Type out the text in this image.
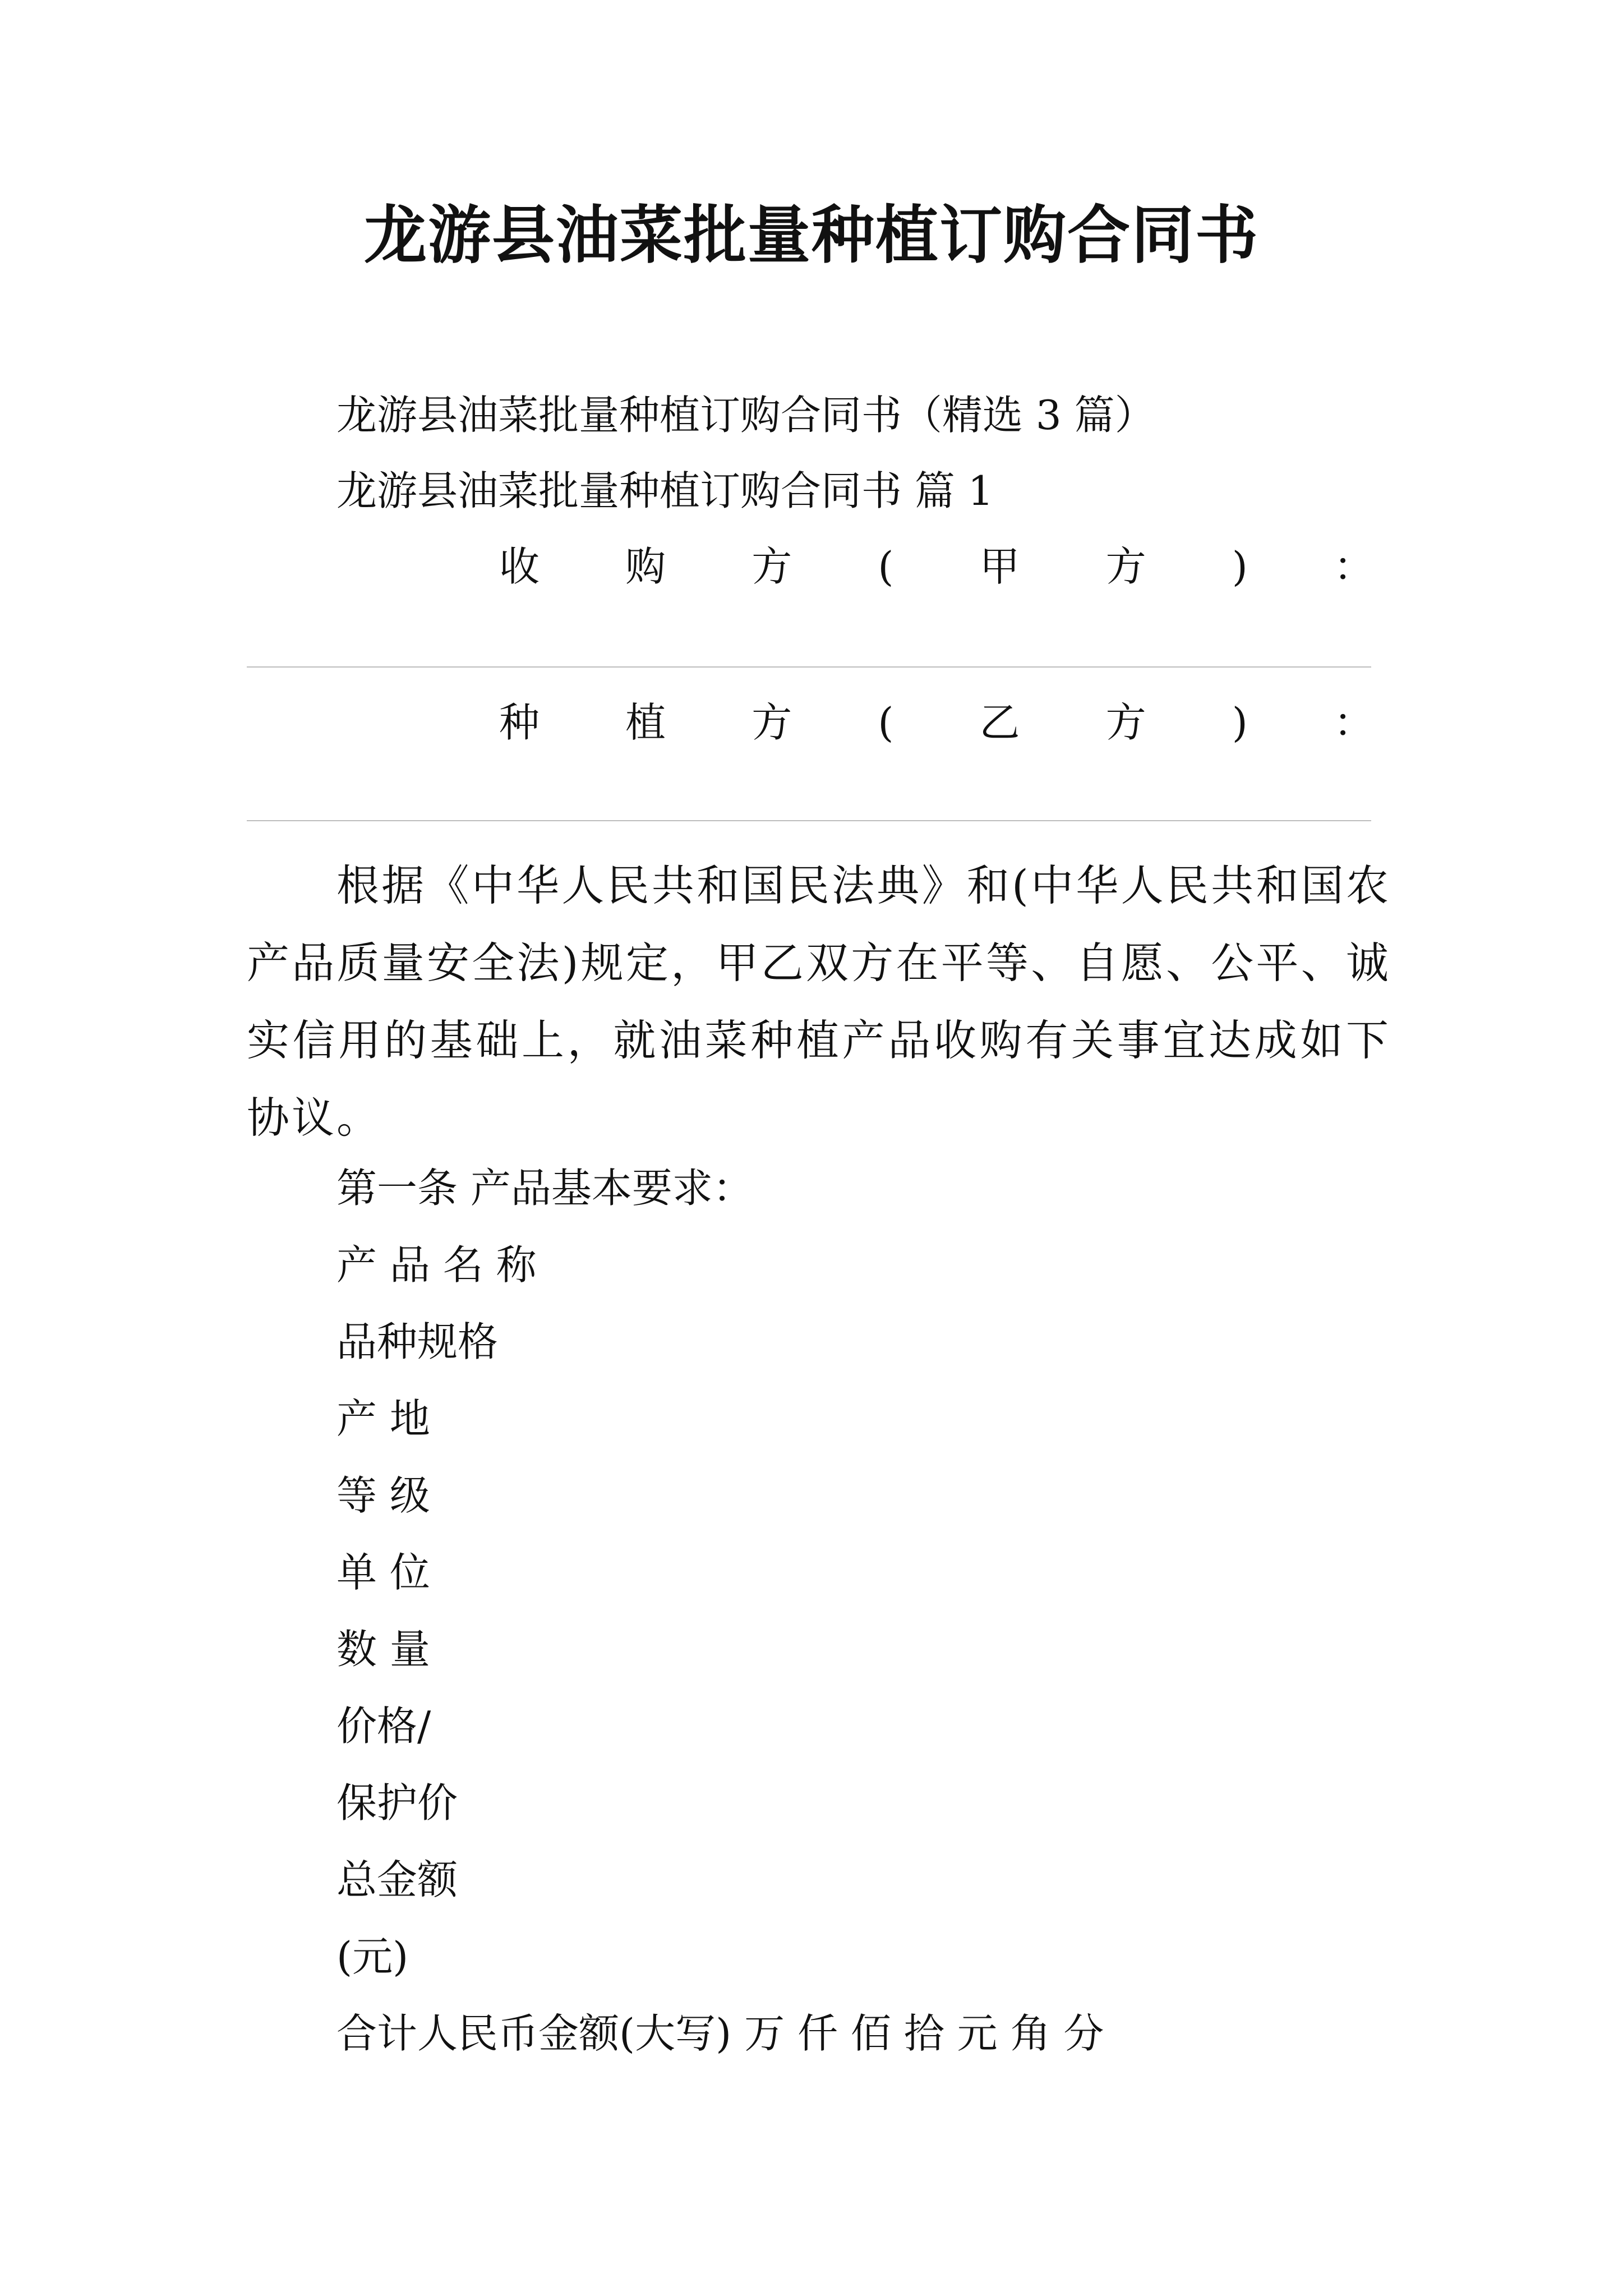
龙游县油菜批量种植订购合同书
龙游县油菜批量种植订购合同书（精选 3 篇）
龙游县油菜批量种植订购合同书 篇 1
收 购 方 ( 甲 方 ) ：
种 植 方 ( 乙 方 ) ：
根据《中华人民共和国民法典》和(中华人民共和国农产品质量安全法)规定，甲乙双方在平等、自愿、公平、诚实信用的基础上，就油菜种植产品收购有关事宜达成如下协议。
第一条 产品基本要求：
产 品 名 称
品种规格
产 地
等 级
单 位
数 量
价格/
保护价
总金额
(元)
合计人民币金额(大写) 万 仟 佰 拾 元 角 分
